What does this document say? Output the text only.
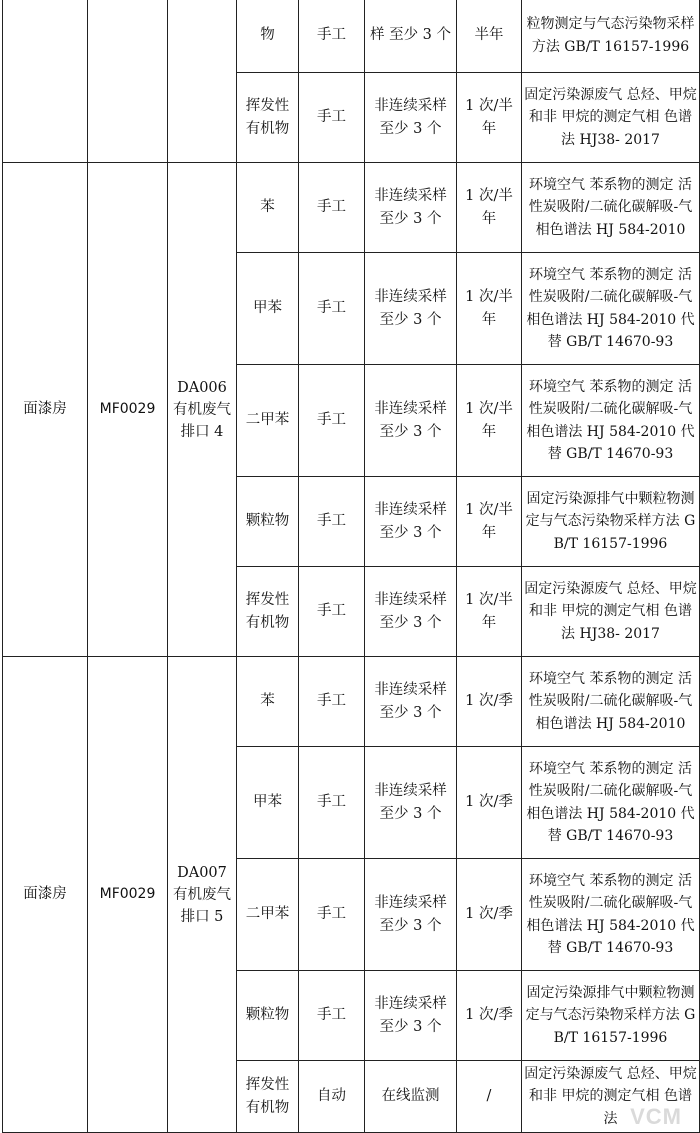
			物	手工	样 至少 3 个	半年	粒物测定与气态污染物采样方法 GB/T 16157-1996
			挥发性有机物	手工	非连续采样 至少 3 个	1 次/半年	固定污染源废气 总烃、甲烷和非 甲烷的测定气相 色谱法 HJ38- 2017
面漆房	MF0029	DA006 有机废气排口 4	苯	手工	非连续采样 至少 3 个	1 次/半年	环境空气 苯系物的测定 活性炭吸附/二硫化碳解吸-气相色谱法 HJ 584-2010
			甲苯	手工	非连续采样 至少 3 个	1 次/半年	环境空气 苯系物的测定 活性炭吸附/二硫化碳解吸-气相色谱法 HJ 584-2010 代替 GB/T 14670-93
			二甲苯	手工	非连续采样 至少 3 个	1 次/半年	环境空气 苯系物的测定 活性炭吸附/二硫化碳解吸-气相色谱法 HJ 584-2010 代替 GB/T 14670-93
			颗粒物	手工	非连续采样 至少 3 个	1 次/半年	固定污染源排气中颗粒物测定与气态污染物采样方法 GB/T 16157-1996
			挥发性有机物	手工	非连续采样 至少 3 个	1 次/半年	固定污染源废气 总烃、甲烷和非 甲烷的测定气相 色谱法 HJ38- 2017
面漆房	MF0029	DA007 有机废气排口 5	苯	手工	非连续采样 至少 3 个	1 次/季	环境空气 苯系物的测定 活性炭吸附/二硫化碳解吸-气相色谱法 HJ 584-2010
			甲苯	手工	非连续采样 至少 3 个	1 次/季	环境空气 苯系物的测定 活性炭吸附/二硫化碳解吸-气相色谱法 HJ 584-2010 代替 GB/T 14670-93
			二甲苯	手工	非连续采样 至少 3 个	1 次/季	环境空气 苯系物的测定 活性炭吸附/二硫化碳解吸-气相色谱法 HJ 584-2010 代替 GB/T 14670-93
			颗粒物	手工	非连续采样 至少 3 个	1 次/季	固定污染源排气中颗粒物测定与气态污染物采样方法 GB/T 16157-1996
			挥发性有机物	自动	在线监测	/	固定污染源废气 总烃、甲烷和非 甲烷的测定气相 色谱法 VCM
